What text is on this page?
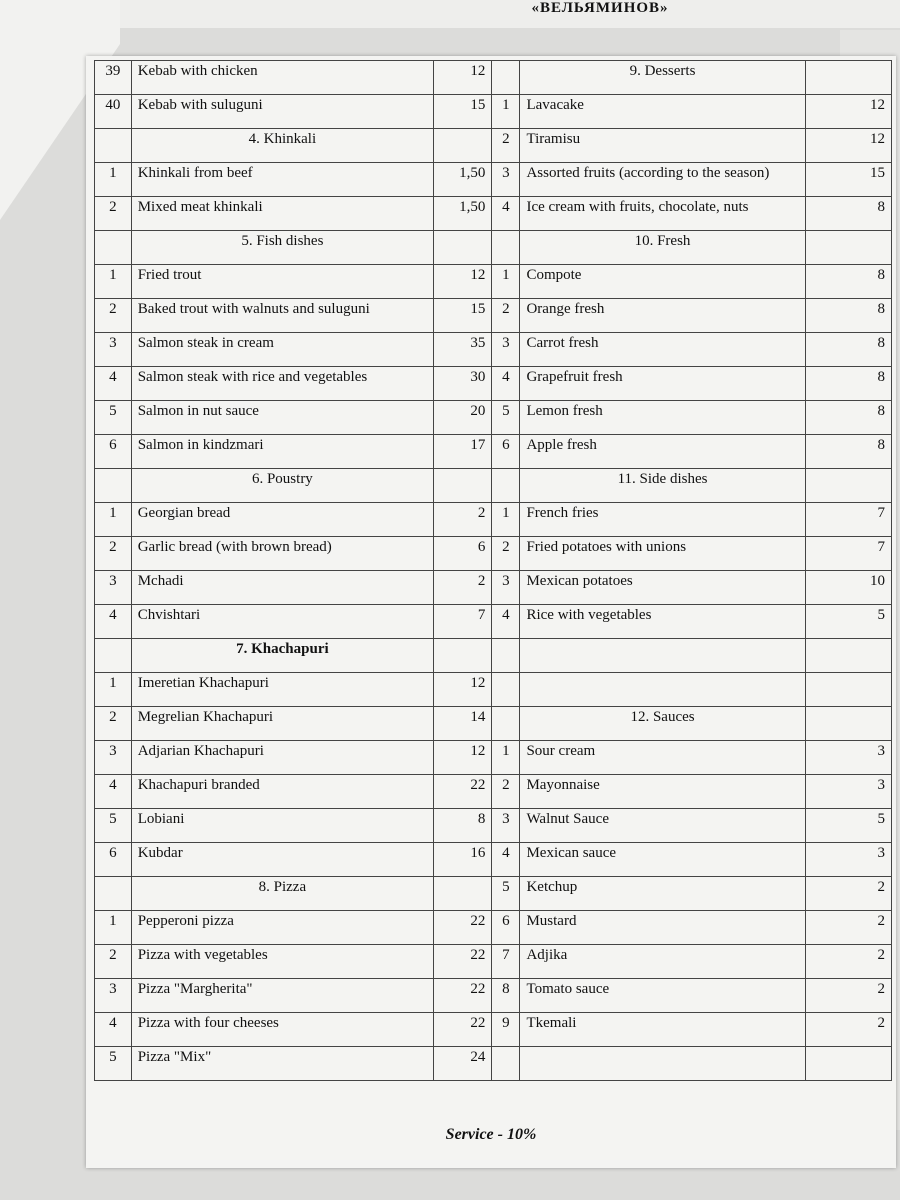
«ВЕЛЬЯМИНОВ»
39	Kebab with chicken	12		9. Desserts	
40	Kebab with suluguni	15	1	Lavacake	12
	4. Khinkali		2	Tiramisu	12
1	Khinkali from beef	1,50	3	Assorted fruits (according to the season)	15
2	Mixed meat khinkali	1,50	4	Ice cream with fruits, chocolate, nuts	8
	5. Fish dishes			10. Fresh	
1	Fried trout	12	1	Compote	8
2	Baked trout with walnuts and suluguni	15	2	Orange fresh	8
3	Salmon steak in cream	35	3	Carrot fresh	8
4	Salmon steak with rice and vegetables	30	4	Grapefruit fresh	8
5	Salmon in nut sauce	20	5	Lemon fresh	8
6	Salmon in kindzmari	17	6	Apple fresh	8
	6. Poustry			11. Side dishes	
1	Georgian bread	2	1	French fries	7
2	Garlic bread (with brown bread)	6	2	Fried potatoes with unions	7
3	Mchadi	2	3	Mexican potatoes	10
4	Chvishtari	7	4	Rice with vegetables	5
	7. Khachapuri				
1	Imeretian Khachapuri	12			
2	Megrelian Khachapuri	14		12. Sauces	
3	Adjarian Khachapuri	12	1	Sour cream	3
4	Khachapuri branded	22	2	Mayonnaise	3
5	Lobiani	8	3	Walnut Sauce	5
6	Kubdar	16	4	Mexican sauce	3
	8. Pizza		5	Ketchup	2
1	Pepperoni pizza	22	6	Mustard	2
2	Pizza with vegetables	22	7	Adjika	2
3	Pizza "Margherita"	22	8	Tomato sauce	2
4	Pizza with four cheeses	22	9	Tkemali	2
5	Pizza "Mix"	24			
Service - 10%
